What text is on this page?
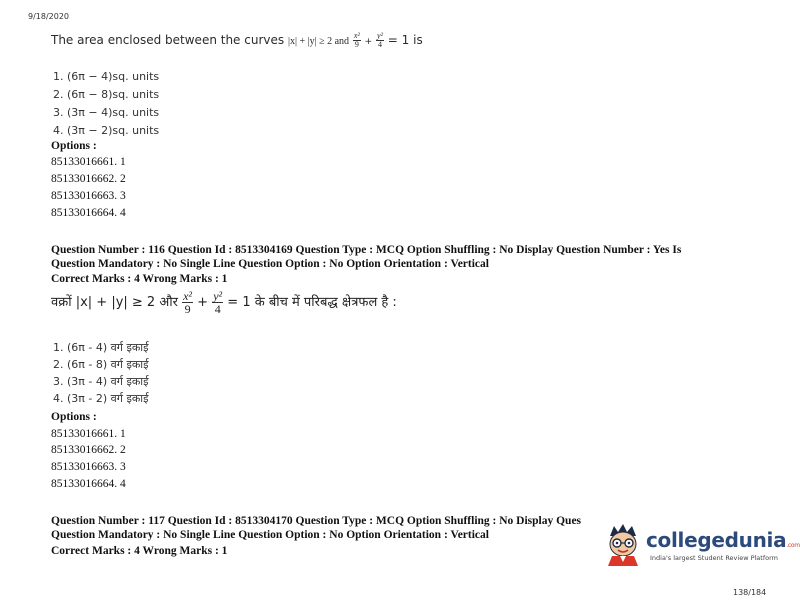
9/18/2020
The area enclosed between the curves |x| + |y| ≥ 2 and $\frac{\text{x²}}{9} + \frac{\text{y²}}{4} = 1$ is
1. (6π − 4)sq. units
2. (6π − 8)sq. units
3. (3π − 4)sq. units
4. (3π − 2)sq. units
Options :
85133016661. 1
85133016662. 2
85133016663. 3
85133016664. 4
Question Number : 116 Question Id : 8513304169 Question Type : MCQ Option Shuffling : No Display Question Number : Yes Is
Question Mandatory : No Single Line Question Option : No Option Orientation : Vertical
Correct Marks : 4 Wrong Marks : 1
वक्रों |x| + |y| ≥ 2 और $\frac{\text{x²}}{9} + \frac{\text{y²}}{4} = 1$ के बीच में परिबद्ध क्षेत्रफल है :
1. (6π - 4) वर्ग इकाई
2. (6π - 8) वर्ग इकाई
3. (3π - 4) वर्ग इकाई
4. (3π - 2) वर्ग इकाई
Options :
85133016661. 1
85133016662. 2
85133016663. 3
85133016664. 4
Question Number : 117 Question Id : 8513304170 Question Type : MCQ Option Shuffling : No Display Ques
Question Mandatory : No Single Line Question Option : No Option Orientation : Vertical
Correct Marks : 4 Wrong Marks : 1	collegedunia.com
India's largest Student Review Platform
138/184
